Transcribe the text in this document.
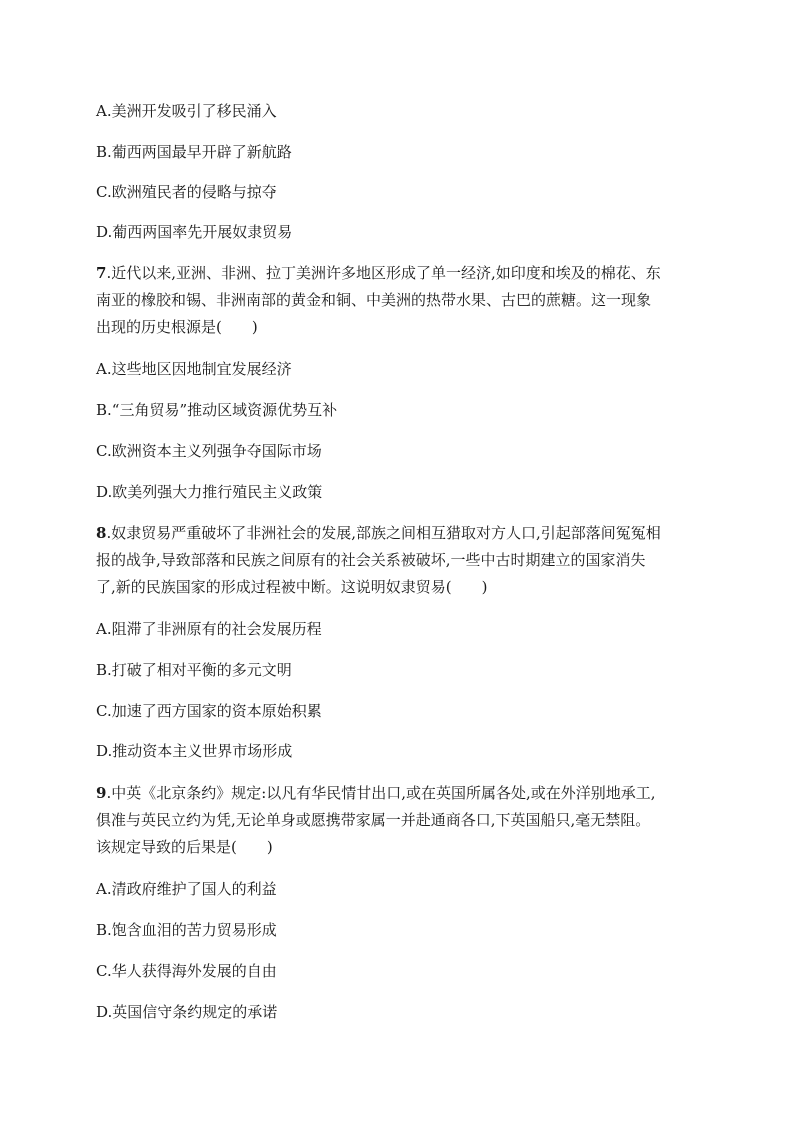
A.美洲开发吸引了移民涌入
B.葡西两国最早开辟了新航路
C.欧洲殖民者的侵略与掠夺
D.葡西两国率先开展奴隶贸易
7.近代以来,亚洲、非洲、拉丁美洲许多地区形成了单一经济,如印度和埃及的棉花、东
南亚的橡胶和锡、非洲南部的黄金和铜、中美洲的热带水果、古巴的蔗糖。这一现象
出现的历史根源是(　　)
A.这些地区因地制宜发展经济
B.“三角贸易”推动区域资源优势互补
C.欧洲资本主义列强争夺国际市场
D.欧美列强大力推行殖民主义政策
8.奴隶贸易严重破坏了非洲社会的发展,部族之间相互猎取对方人口,引起部落间冤冤相
报的战争,导致部落和民族之间原有的社会关系被破坏,一些中古时期建立的国家消失
了,新的民族国家的形成过程被中断。这说明奴隶贸易(　　)
A.阻滞了非洲原有的社会发展历程
B.打破了相对平衡的多元文明
C.加速了西方国家的资本原始积累
D.推动资本主义世界市场形成
9.中英《北京条约》规定:以凡有华民情甘出口,或在英国所属各处,或在外洋别地承工,
俱准与英民立约为凭,无论单身或愿携带家属一并赴通商各口,下英国船只,毫无禁阻。
该规定导致的后果是(　　)
A.清政府维护了国人的利益
B.饱含血泪的苦力贸易形成
C.华人获得海外发展的自由
D.英国信守条约规定的承诺
